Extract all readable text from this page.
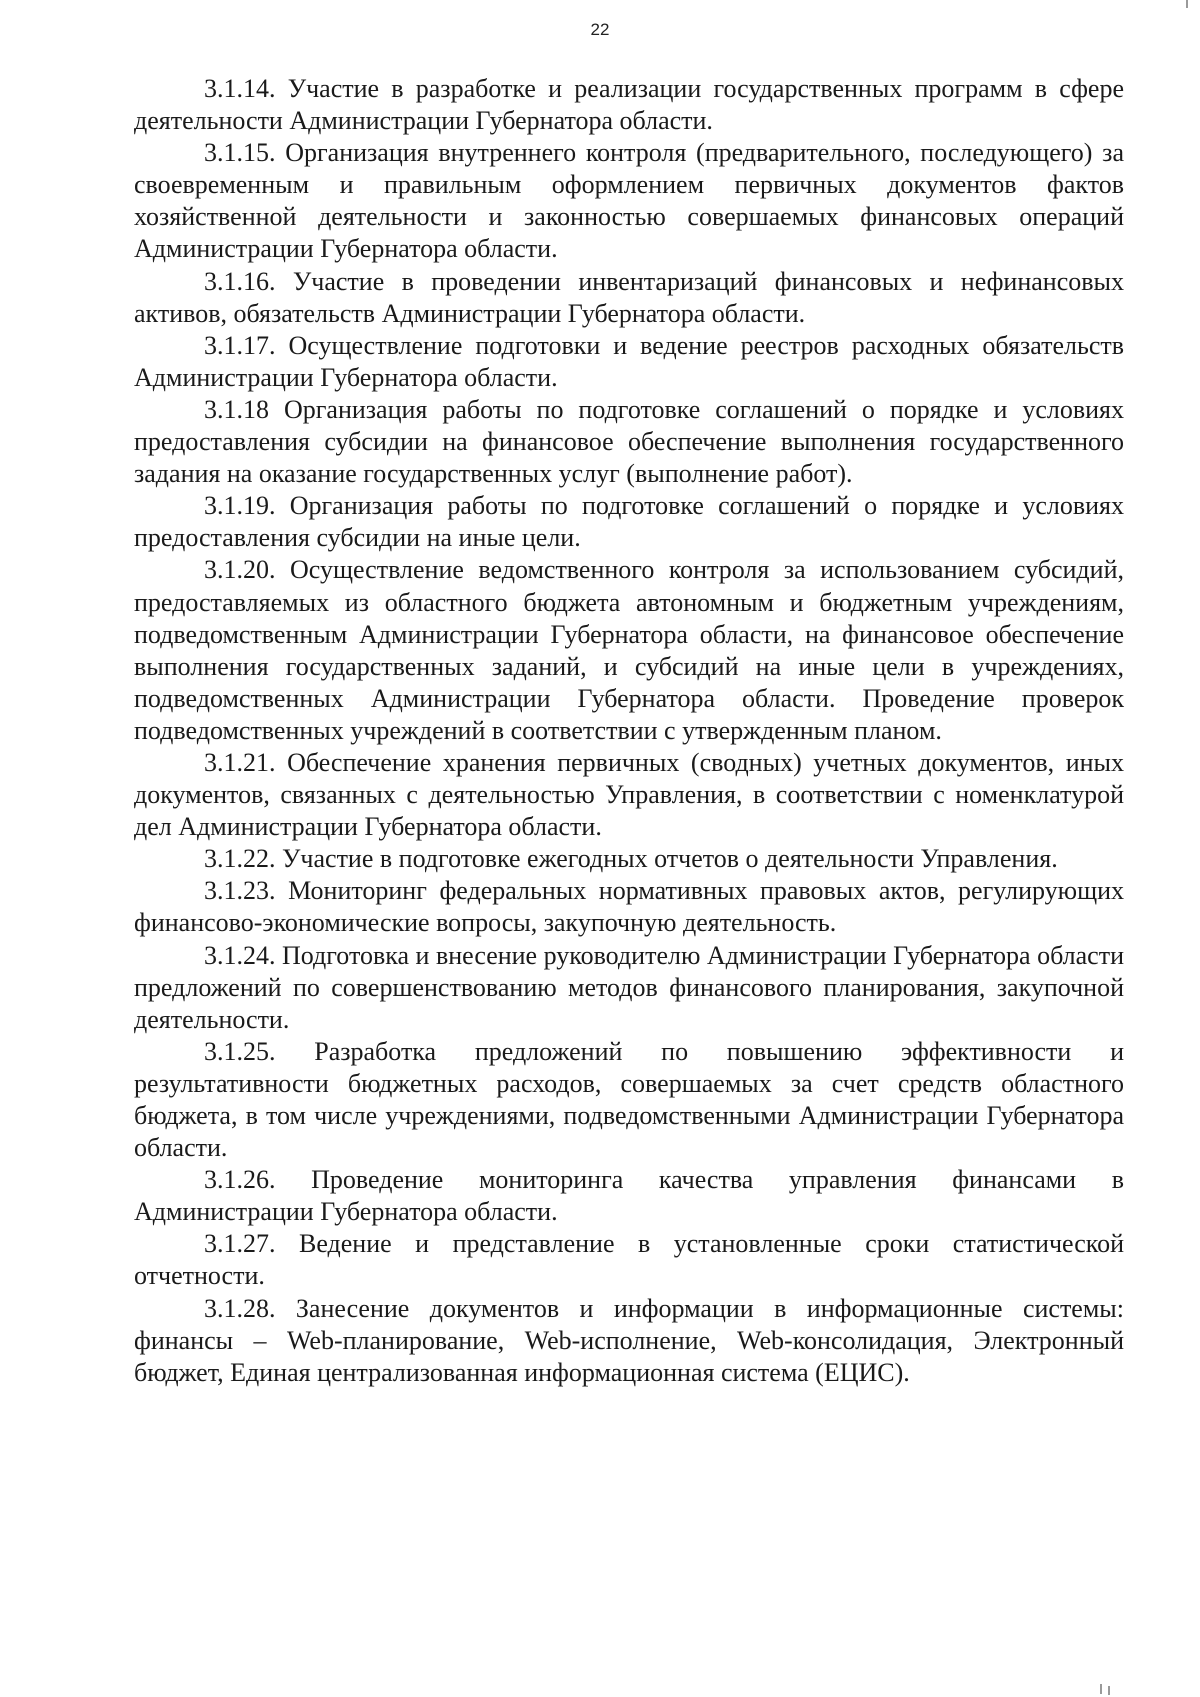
22

3.1.14. Участие в разработке и реализации государственных программ в сфере деятельности Администрации Губернатора области.

3.1.15. Организация внутреннего контроля (предварительного, последующего) за своевременным и правильным оформлением первичных документов фактов хозяйственной деятельности и законностью совершаемых финансовых операций Администрации Губернатора области.

3.1.16. Участие в проведении инвентаризаций финансовых и нефинансовых активов, обязательств Администрации Губернатора области.

3.1.17. Осуществление подготовки и ведение реестров расходных обязательств Администрации Губернатора области.

3.1.18 Организация работы по подготовке соглашений о порядке и условиях предоставления субсидии на финансовое обеспечение выполнения государственного задания на оказание государственных услуг (выполнение работ).

3.1.19. Организация работы по подготовке соглашений о порядке и условиях предоставления субсидии на иные цели.

3.1.20. Осуществление ведомственного контроля за использованием субсидий, предоставляемых из областного бюджета автономным и бюджетным учреждениям, подведомственным Администрации Губернатора области, на финансовое обеспечение выполнения государственных заданий, и субсидий на иные цели в учреждениях, подведомственных Администрации Губернатора области. Проведение проверок подведомственных учреждений в соответствии с утвержденным планом.

3.1.21. Обеспечение хранения первичных (сводных) учетных документов, иных документов, связанных с деятельностью Управления, в соответствии с номенклатурой дел Администрации Губернатора области.

3.1.22. Участие в подготовке ежегодных отчетов о деятельности Управления.

3.1.23. Мониторинг федеральных нормативных правовых актов, регулирующих финансово-экономические вопросы, закупочную деятельность.

3.1.24. Подготовка и внесение руководителю Администрации Губернатора области предложений по совершенствованию методов финансового планирования, закупочной деятельности.

3.1.25. Разработка предложений по повышению эффективности и результативности бюджетных расходов, совершаемых за счет средств областного бюджета, в том числе учреждениями, подведомственными Администрации Губернатора области.

3.1.26. Проведение мониторинга качества управления финансами в Администрации Губернатора области.

3.1.27. Ведение и представление в установленные сроки статистической отчетности.

3.1.28. Занесение документов и информации в информационные системы: финансы – Web-планирование, Web-исполнение, Web-консолидация, Электронный бюджет, Единая централизованная информационная система (ЕЦИС).
